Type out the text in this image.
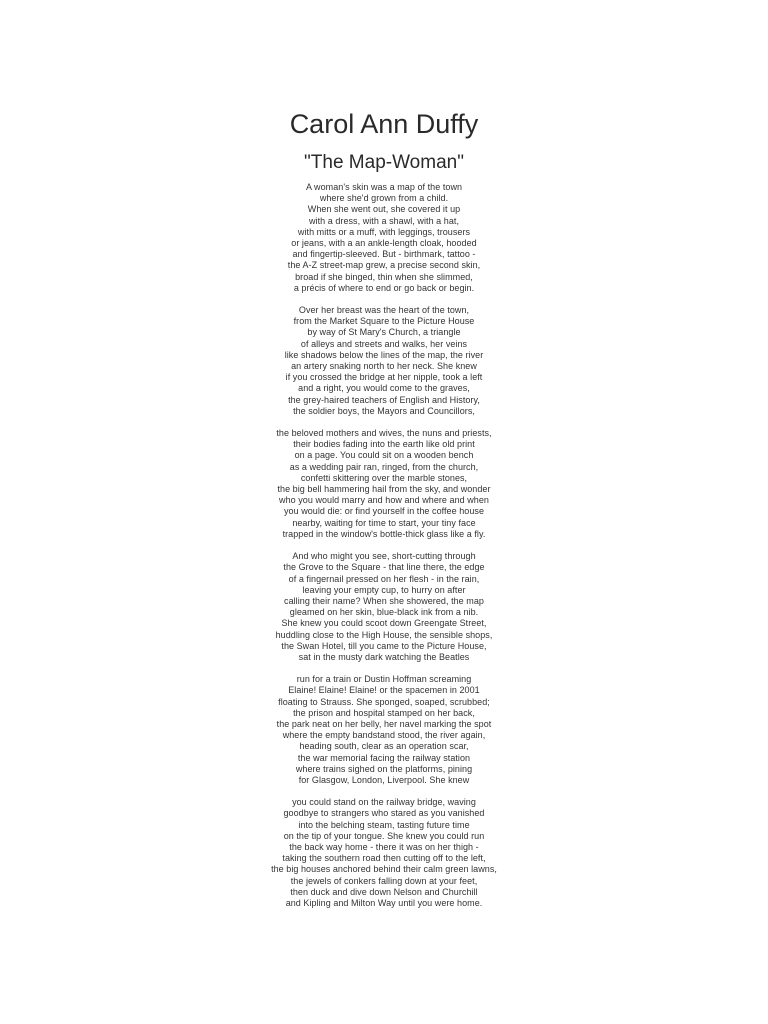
Carol Ann Duffy
"The Map-Woman"
A woman's skin was a map of the town
where she'd grown from a child.
When she went out, she covered it up
with a dress, with a shawl, with a hat,
with mitts or a muff, with leggings, trousers
or jeans, with a an ankle-length cloak, hooded
and fingertip-sleeved. But - birthmark, tattoo -
the A-Z street-map grew, a precise second skin,
broad if she binged, thin when she slimmed,
a précis of where to end or go back or begin.
Over her breast was the heart of the town,
from the Market Square to the Picture House
by way of St Mary's Church, a triangle
of alleys and streets and walks, her veins
like shadows below the lines of the map, the river
an artery snaking north to her neck. She knew
if you crossed the bridge at her nipple, took a left
and a right, you would come to the graves,
the grey-haired teachers of English and History,
the soldier boys, the Mayors and Councillors,
the beloved mothers and wives, the nuns and priests,
their bodies fading into the earth like old print
on a page. You could sit on a wooden bench
as a wedding pair ran, ringed, from the church,
confetti skittering over the marble stones,
the big bell hammering hail from the sky, and wonder
who you would marry and how and where and when
you would die: or find yourself in the coffee house
nearby, waiting for time to start, your tiny face
trapped in the window's bottle-thick glass like a fly.
And who might you see, short-cutting through
the Grove to the Square - that line there, the edge
of a fingernail pressed on her flesh - in the rain,
leaving your empty cup, to hurry on after
calling their name? When she showered, the map
gleamed on her skin, blue-black ink from a nib.
She knew you could scoot down Greengate Street,
huddling close to the High House, the sensible shops,
the Swan Hotel, till you came to the Picture House,
sat in the musty dark watching the Beatles
run for a train or Dustin Hoffman screaming
Elaine! Elaine! Elaine! or the spacemen in 2001
floating to Strauss. She sponged, soaped, scrubbed;
the prison and hospital stamped on her back,
the park neat on her belly, her navel marking the spot
where the empty bandstand stood, the river again,
heading south, clear as an operation scar,
the war memorial facing the railway station
where trains sighed on the platforms, pining
for Glasgow, London, Liverpool. She knew
you could stand on the railway bridge, waving
goodbye to strangers who stared as you vanished
into the belching steam, tasting future time
on the tip of your tongue. She knew you could run
the back way home - there it was on her thigh -
taking the southern road then cutting off to the left,
the big houses anchored behind their calm green lawns,
the jewels of conkers falling down at your feet,
then duck and dive down Nelson and Churchill
and Kipling and Milton Way until you were home.
